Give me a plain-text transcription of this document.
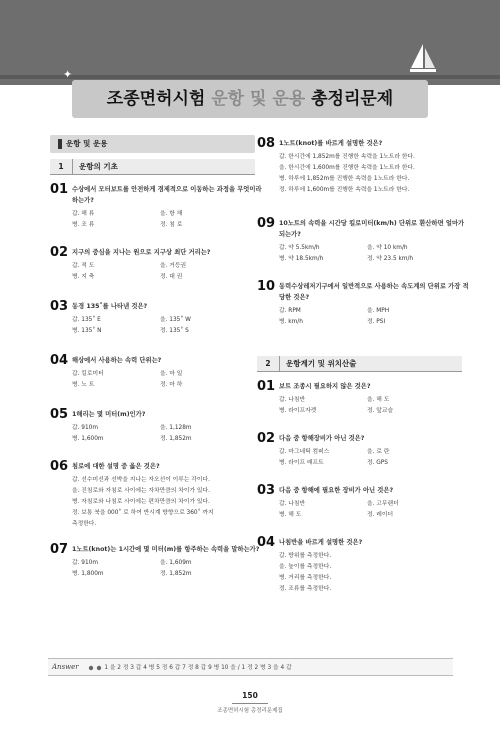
✦
조종면허시험 운항 및 운용 총정리문제
운항 및 운용
1 운항의 기초
01 수상에서 모터보트를 안전하게 경제적으로 이동하는 과정을 무엇이라 하는가?
갑. 해 류	을. 항 해
병. 조 류	정. 침 로
02 지구의 중심을 지나는 원으로 지구상 최단 거리는?
갑. 적 도	을. 거등권
병. 지 축	정. 대 권
03 동경 135˚를 나타낸 것은?
갑. 135˚ E	을. 135˚ W
병. 135˚ N	정. 135˚ S
04 해상에서 사용하는 속력 단위는?
갑. 킬로미터	을. 마 일
병. 노 트	정. 마 하
05 1해리는 몇 미터(m)인가?
갑. 910m	을. 1,128m
병. 1,600m	정. 1,852m
06 침로에 대한 설명 중 옳은 것은?
갑. 선수미선과 선박을 지나는 자오선이 이루는 각이다.
을. 진침로와 자침로 사이에는 자차만큼의 차이가 있다.
병. 자침로와 나침로 사이에는 편차만큼의 차이가 있다.
정. 보통 북을 000˚ 로 하여 반시계 방향으로 360˚ 까지
측정한다.
07 1노트(knot)는 1시간에 몇 미터(m)를 항주하는 속력을 말하는가?
갑. 910m	을. 1,609m
병. 1,800m	정. 1,852m
08 1노트(knot)를 바르게 설명한 것은?
갑. 한시간에 1,852m를 진행한 속력을 1노트라 한다.
을. 한시간에 1,600m를 진행한 속력을 1노트라 한다.
병. 하루에 1,852m를 진행한 속력을 1노트라 한다.
정. 하루에 1,600m를 진행한 속력을 1노트라 한다.
09 10노트의 속력을 시간당 킬로미터(km/h) 단위로 환산하면 얼마가 되는가?
갑. 약 5.5km/h	을. 약 10 km/h
병. 약 18.5km/h	정. 약 23.5 km/h
10 동력수상레저기구에서 일반적으로 사용하는 속도계의 단위로 가장 적당한 것은?
갑. RPM	을. MPH
병. km/h	정. PSI
2 운항계기 및 위치산출
01 보트 조종시 필요하지 않은 것은?
갑. 나침반	을. 해 도
병. 라이프자켓	정. 앞교슬
02 다음 중 항해장비가 아닌 것은?
갑. 마그네틱 컴퍼스	을. 로 란
병. 라이프 래프트	정. GPS
03 다음 중 항해에 필요한 장비가 아닌 것은?
갑. 나침반	을. 고무랜더
병. 해 도	정. 레이더
04 나침반을 바르게 설명한 것은?
갑. 방위를 측정한다.
을. 높이를 측정한다.
병. 거리를 측정한다.
정. 조류를 측정한다.
Answer	1 을 2 정 3 갑 4 병 5 정 6 갑 7 정 8 갑 9 병 10 을 / 1 정 2 병 3 을 4 갑
150
조종면허시험 총정리문제집
